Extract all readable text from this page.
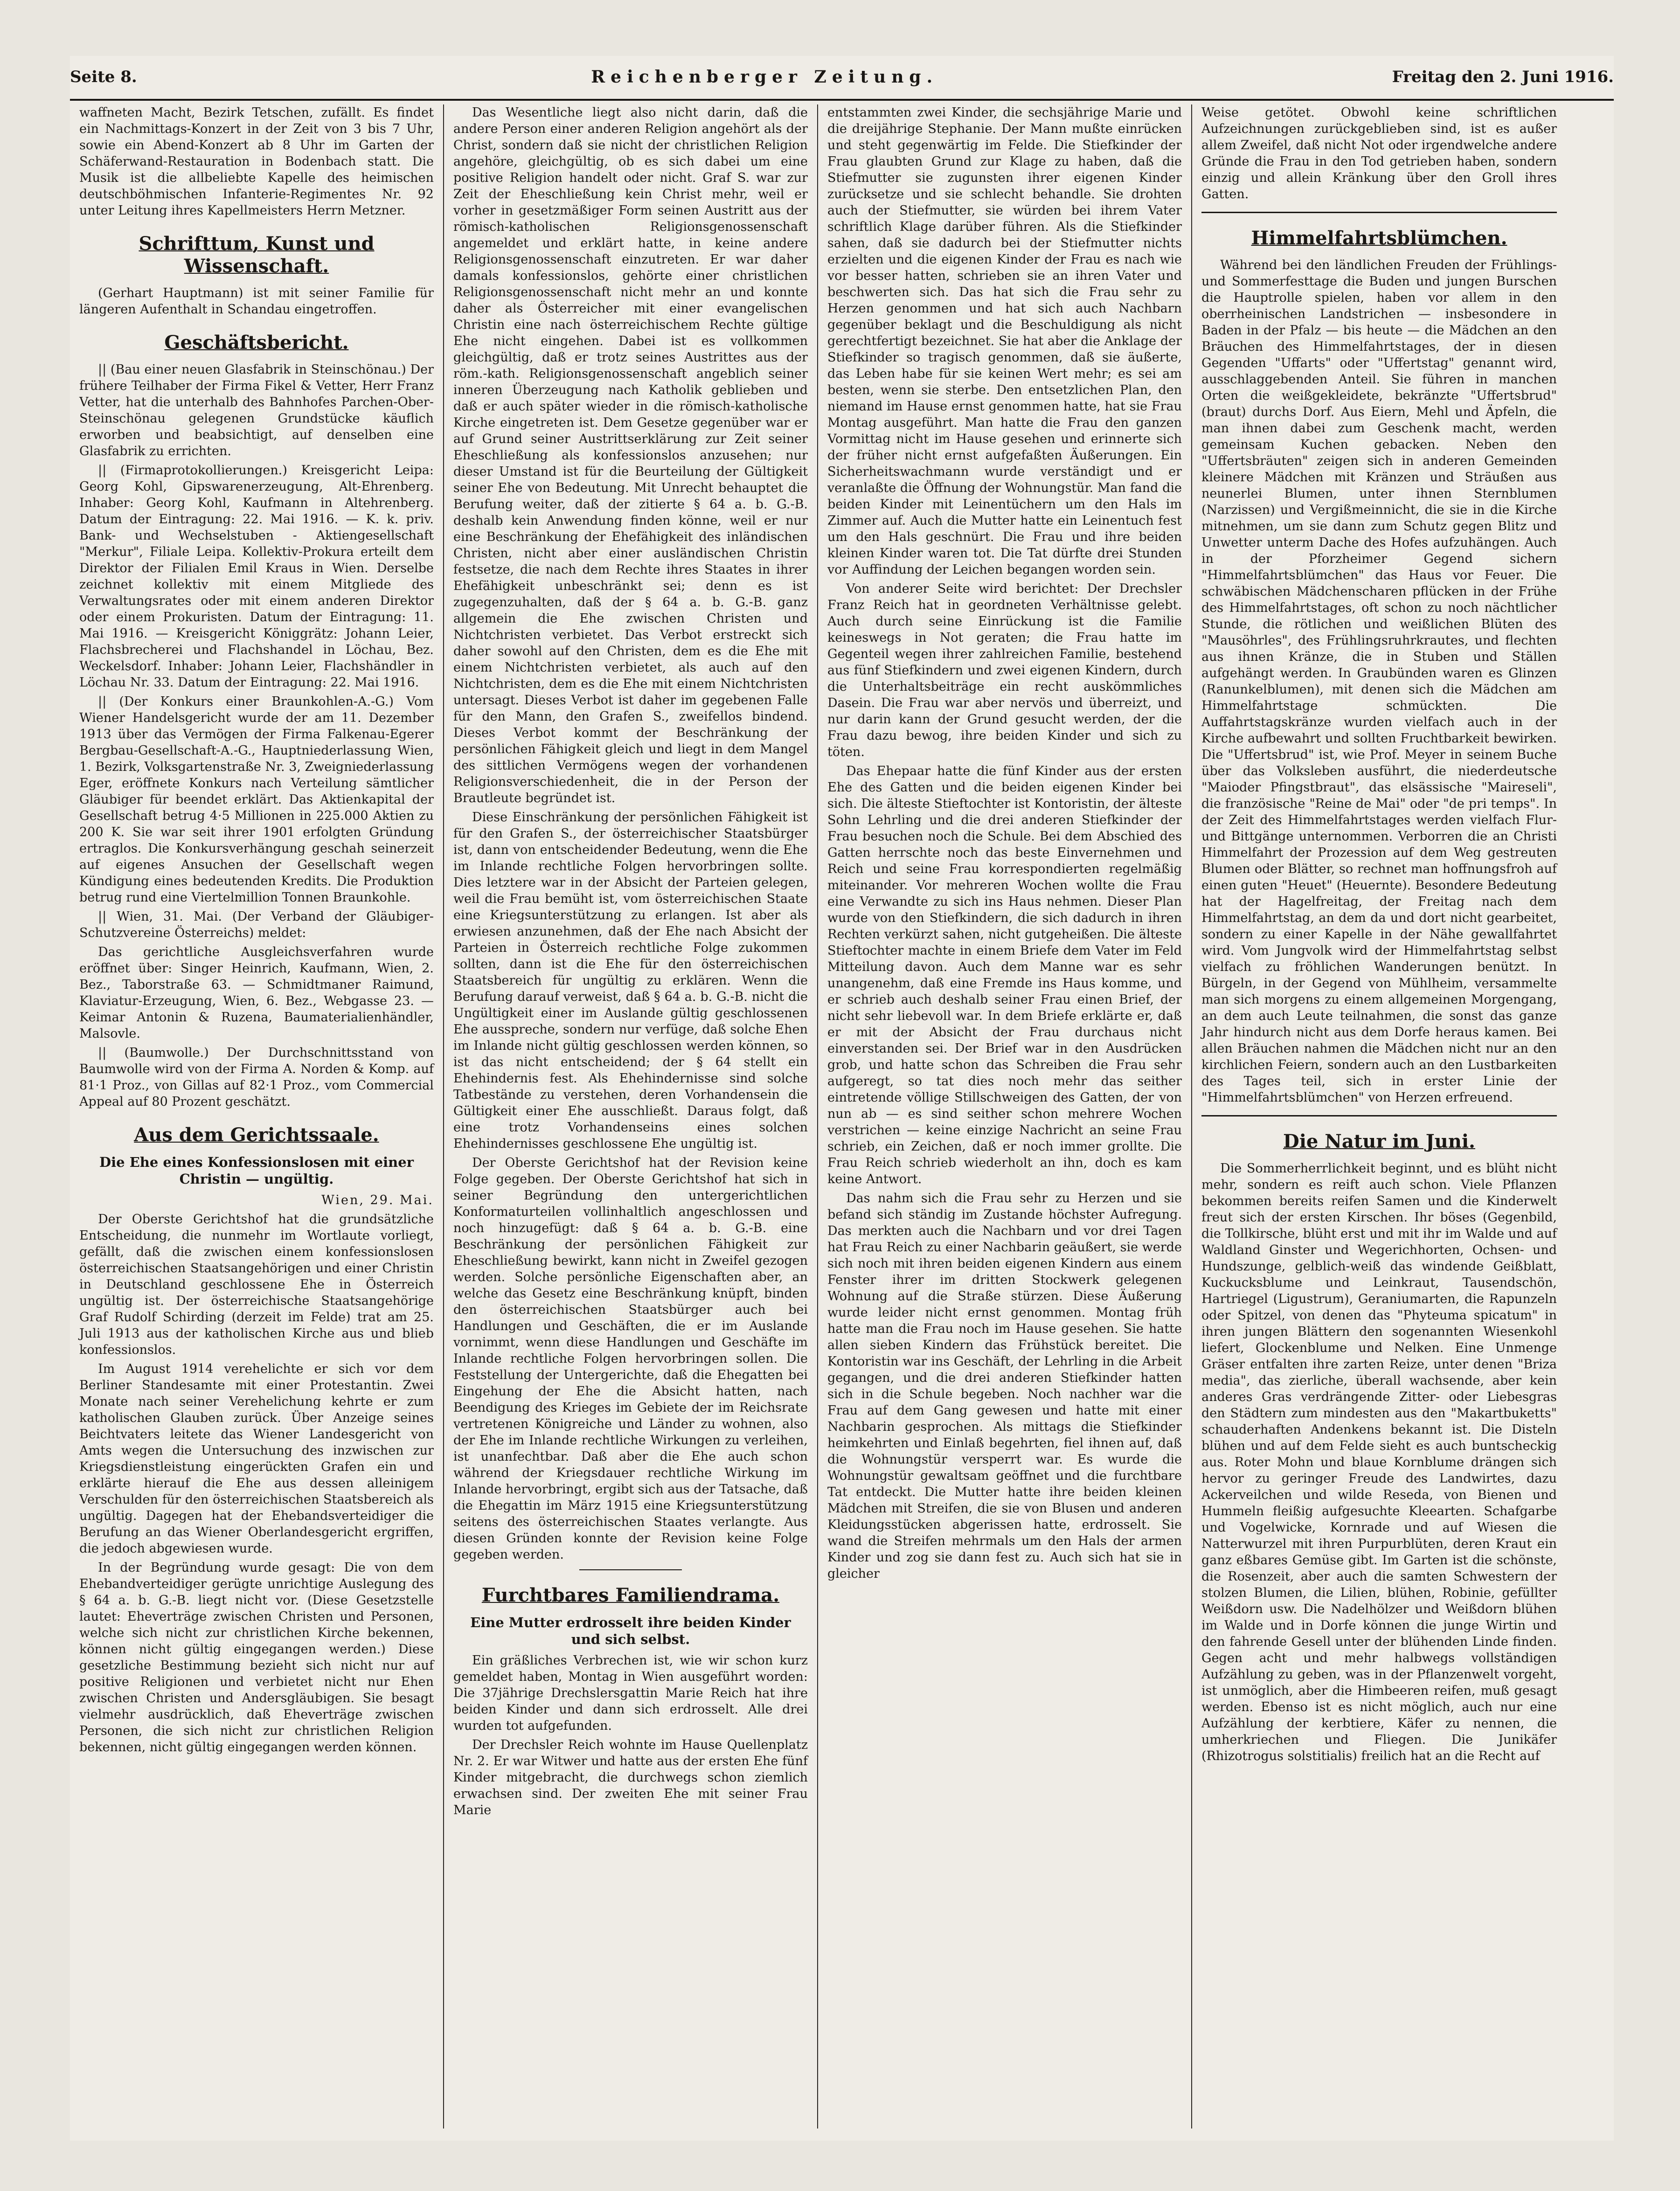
Seite 8.	Reichenberger Zeitung.	Freitag den 2. Juni 1916.

waffneten Macht, Bezirk Tetschen, zufällt. Es findet ein Nachmittags-Konzert in der Zeit von 3 bis 7 Uhr, sowie ein Abend-Konzert ab 8 Uhr im Garten der Schäferwand-Restauration in Bodenbach statt. Die Musik ist die allbeliebte Kapelle des heimischen deutschböhmischen Infanterie-Regimentes Nr. 92 unter Leitung ihres Kapellmeisters Herrn Metzner.

Schrifttum, Kunst und Wissenschaft.

(Gerhart Hauptmann) ist mit seiner Familie für längeren Aufenthalt in Schandau eingetroffen.

Geschäftsbericht.

|| (Bau einer neuen Glasfabrik in Steinschönau.) Der frühere Teilhaber der Firma Fikel & Vetter, Herr Franz Vetter, hat die unterhalb des Bahnhofes Parchen-Ober-Steinschönau gelegenen Grundstücke käuflich erworben und beabsichtigt, auf denselben eine Glasfabrik zu errichten.

|| (Firmaprotokollierungen.) Kreisgericht Leipa: Georg Kohl, Gipswarenerzeugung, Alt-Ehrenberg. Inhaber: Georg Kohl, Kaufmann in Altehrenberg. Datum der Eintragung: 22. Mai 1916. — K. k. priv. Bank- und Wechselstuben - Aktiengesellschaft "Merkur", Filiale Leipa. Kollektiv-Prokura erteilt dem Direktor der Filialen Emil Kraus in Wien. Derselbe zeichnet kollektiv mit einem Mitgliede des Verwaltungsrates oder mit einem anderen Direktor oder einem Prokuristen. Datum der Eintragung: 11. Mai 1916. — Kreisgericht Königgrätz: Johann Leier, Flachsbrecherei und Flachshandel in Löchau, Bez. Weckelsdorf. Inhaber: Johann Leier, Flachshändler in Löchau Nr. 33. Datum der Eintragung: 22. Mai 1916.

|| (Der Konkurs einer Braunkohlen-A.-G.) Vom Wiener Handelsgericht wurde der am 11. Dezember 1913 über das Vermögen der Firma Falkenau-Egerer Bergbau-Gesellschaft-A.-G., Hauptniederlassung Wien, 1. Bezirk, Volksgartenstraße Nr. 3, Zweigniederlassung Eger, eröffnete Konkurs nach Verteilung sämtlicher Gläubiger für beendet erklärt. Das Aktienkapital der Gesellschaft betrug 4·5 Millionen in 225.000 Aktien zu 200 K. Sie war seit ihrer 1901 erfolgten Gründung ertraglos. Die Konkursverhängung geschah seinerzeit auf eigenes Ansuchen der Gesellschaft wegen Kündigung eines bedeutenden Kredits. Die Produktion betrug rund eine Viertelmillion Tonnen Braunkohle.

|| Wien, 31. Mai. (Der Verband der Gläubiger-Schutzvereine Österreichs) meldet:

Das gerichtliche Ausgleichsverfahren wurde eröffnet über: Singer Heinrich, Kaufmann, Wien, 2. Bez., Taborstraße 63. — Schmidtmaner Raimund, Klaviatur-Erzeugung, Wien, 6. Bez., Webgasse 23. — Keimar Antonin & Ruzena, Baumaterialienhändler, Malsovle.

|| (Baumwolle.) Der Durchschnittsstand von Baumwolle wird von der Firma A. Norden & Komp. auf 81·1 Proz., von Gillas auf 82·1 Proz., vom Commercial Appeal auf 80 Prozent geschätzt.

Aus dem Gerichtssaale.
Die Ehe eines Konfessionslosen mit einer Christin — ungültig.
Wien, 29. Mai.

Der Oberste Gerichtshof hat die grundsätzliche Entscheidung, die nunmehr im Wortlaute vorliegt, gefällt, daß die zwischen einem konfessionslosen österreichischen Staatsangehörigen und einer Christin in Deutschland geschlossene Ehe in Österreich ungültig ist. Der österreichische Staatsangehörige Graf Rudolf Schirding (derzeit im Felde) trat am 25. Juli 1913 aus der katholischen Kirche aus und blieb konfessionslos.

Im August 1914 verehelichte er sich vor dem Berliner Standesamte mit einer Protestantin. Zwei Monate nach seiner Verehelichung kehrte er zum katholischen Glauben zurück. Über Anzeige seines Beichtvaters leitete das Wiener Landesgericht von Amts wegen die Untersuchung des inzwischen zur Kriegsdienstleistung eingerückten Grafen ein und erklärte hierauf die Ehe aus dessen alleinigem Verschulden für den österreichischen Staatsbereich als ungültig. Dagegen hat der Ehebandsverteidiger die Berufung an das Wiener Oberlandesgericht ergriffen, die jedoch abgewiesen wurde.

In der Begründung wurde gesagt: Die von dem Ehebandverteidiger gerügte unrichtige Auslegung des § 64 a. b. G.-B. liegt nicht vor. (Diese Gesetzstelle lautet: Eheverträge zwischen Christen und Personen, welche sich nicht zur christlichen Kirche bekennen, können nicht gültig eingegangen werden.) Diese gesetzliche Bestimmung bezieht sich nicht nur auf positive Religionen und verbietet nicht nur Ehen zwischen Christen und Andersgläubigen. Sie besagt vielmehr ausdrücklich, daß Eheverträge zwischen Personen, die sich nicht zur christlichen Religion bekennen, nicht gültig eingegangen werden können.

Das Wesentliche liegt also nicht darin, daß die andere Person einer anderen Religion angehört als der Christ, sondern daß sie nicht der christlichen Religion angehöre, gleichgültig, ob es sich dabei um eine positive Religion handelt oder nicht. Graf S. war zur Zeit der Eheschließung kein Christ mehr, weil er vorher in gesetzmäßiger Form seinen Austritt aus der römisch-katholischen Religionsgenossenschaft angemeldet und erklärt hatte, in keine andere Religionsgenossenschaft einzutreten. Er war daher damals konfessionslos, gehörte einer christlichen Religionsgenossenschaft nicht mehr an und konnte daher als Österreicher mit einer evangelischen Christin eine nach österreichischem Rechte gültige Ehe nicht eingehen. Dabei ist es vollkommen gleichgültig, daß er trotz seines Austrittes aus der röm.-kath. Religionsgenossenschaft angeblich seiner inneren Überzeugung nach Katholik geblieben und daß er auch später wieder in die römisch-katholische Kirche eingetreten ist. Dem Gesetze gegenüber war er auf Grund seiner Austrittserklärung zur Zeit seiner Eheschließung als konfessionslos anzusehen; nur dieser Umstand ist für die Beurteilung der Gültigkeit seiner Ehe von Bedeutung. Mit Unrecht behauptet die Berufung weiter, daß der zitierte § 64 a. b. G.-B. deshalb kein Anwendung finden könne, weil er nur eine Beschränkung der Ehefähigkeit des inländischen Christen, nicht aber einer ausländischen Christin festsetze, die nach dem Rechte ihres Staates in ihrer Ehefähigkeit unbeschränkt sei; denn es ist zugegenzuhalten, daß der § 64 a. b. G.-B. ganz allgemein die Ehe zwischen Christen und Nichtchristen verbietet. Das Verbot erstreckt sich daher sowohl auf den Christen, dem es die Ehe mit einem Nichtchristen verbietet, als auch auf den Nichtchristen, dem es die Ehe mit einem Nichtchristen untersagt. Dieses Verbot ist daher im gegebenen Falle für den Mann, den Grafen S., zweifellos bindend. Dieses Verbot kommt der Beschränkung der persönlichen Fähigkeit gleich und liegt in dem Mangel des sittlichen Vermögens wegen der vorhandenen Religionsverschiedenheit, die in der Person der Brautleute begründet ist.

Diese Einschränkung der persönlichen Fähigkeit ist für den Grafen S., der österreichischer Staatsbürger ist, dann von entscheidender Bedeutung, wenn die Ehe im Inlande rechtliche Folgen hervorbringen sollte. Dies letztere war in der Absicht der Parteien gelegen, weil die Frau bemüht ist, vom österreichischen Staate eine Kriegsunterstützung zu erlangen. Ist aber als erwiesen anzunehmen, daß der Ehe nach Absicht der Parteien in Österreich rechtliche Folge zukommen sollten, dann ist die Ehe für den österreichischen Staatsbereich für ungültig zu erklären. Wenn die Berufung darauf verweist, daß § 64 a. b. G.-B. nicht die Ungültigkeit einer im Auslande gültig geschlossenen Ehe ausspreche, sondern nur verfüge, daß solche Ehen im Inlande nicht gültig geschlossen werden können, so ist das nicht entscheidend; der § 64 stellt ein Ehehindernis fest. Als Ehehindernisse sind solche Tatbestände zu verstehen, deren Vorhandensein die Gültigkeit einer Ehe ausschließt. Daraus folgt, daß eine trotz Vorhandenseins eines solchen Ehehindernisses geschlossene Ehe ungültig ist.

Der Oberste Gerichtshof hat der Revision keine Folge gegeben. Der Oberste Gerichtshof hat sich in seiner Begründung den untergerichtlichen Konformaturteilen vollinhaltlich angeschlossen und noch hinzugefügt: daß § 64 a. b. G.-B. eine Beschränkung der persönlichen Fähigkeit zur Eheschließung bewirkt, kann nicht in Zweifel gezogen werden. Solche persönliche Eigenschaften aber, an welche das Gesetz eine Beschränkung knüpft, binden den österreichischen Staatsbürger auch bei Handlungen und Geschäften, die er im Auslande vornimmt, wenn diese Handlungen und Geschäfte im Inlande rechtliche Folgen hervorbringen sollen. Die Feststellung der Untergerichte, daß die Ehegatten bei Eingehung der Ehe die Absicht hatten, nach Beendigung des Krieges im Gebiete der im Reichsrate vertretenen Königreiche und Länder zu wohnen, also der Ehe im Inlande rechtliche Wirkungen zu verleihen, ist unanfechtbar. Daß aber die Ehe auch schon während der Kriegsdauer rechtliche Wirkung im Inlande hervorbringt, ergibt sich aus der Tatsache, daß die Ehegattin im März 1915 eine Kriegsunterstützung seitens des österreichischen Staates verlangte. Aus diesen Gründen konnte der Revision keine Folge gegeben werden.

Furchtbares Familiendrama.
Eine Mutter erdrosselt ihre beiden Kinder und sich selbst.

Ein gräßliches Verbrechen ist, wie wir schon kurz gemeldet haben, Montag in Wien ausgeführt worden: Die 37jährige Drechslersgattin Marie Reich hat ihre beiden Kinder und dann sich erdrosselt. Alle drei wurden tot aufgefunden.

Der Drechsler Reich wohnte im Hause Quellenplatz Nr. 2. Er war Witwer und hatte aus der ersten Ehe fünf Kinder mitgebracht, die durchwegs schon ziemlich erwachsen sind. Der zweiten Ehe mit seiner Frau Marie

entstammten zwei Kinder, die sechsjährige Marie und die dreijährige Stephanie. Der Mann mußte einrücken und steht gegenwärtig im Felde. Die Stiefkinder der Frau glaubten Grund zur Klage zu haben, daß die Stiefmutter sie zugunsten ihrer eigenen Kinder zurücksetze und sie schlecht behandle. Sie drohten auch der Stiefmutter, sie würden bei ihrem Vater schriftlich Klage darüber führen. Als die Stiefkinder sahen, daß sie dadurch bei der Stiefmutter nichts erzielten und die eigenen Kinder der Frau es nach wie vor besser hatten, schrieben sie an ihren Vater und beschwerten sich. Das hat sich die Frau sehr zu Herzen genommen und hat sich auch Nachbarn gegenüber beklagt und die Beschuldigung als nicht gerechtfertigt bezeichnet. Sie hat aber die Anklage der Stiefkinder so tragisch genommen, daß sie äußerte, das Leben habe für sie keinen Wert mehr; es sei am besten, wenn sie sterbe. Den entsetzlichen Plan, den niemand im Hause ernst genommen hatte, hat sie Frau Montag ausgeführt. Man hatte die Frau den ganzen Vormittag nicht im Hause gesehen und erinnerte sich der früher nicht ernst aufgefaßten Äußerungen. Ein Sicherheitswachmann wurde verständigt und er veranlaßte die Öffnung der Wohnungstür. Man fand die beiden Kinder mit Leinentüchern um den Hals im Zimmer auf. Auch die Mutter hatte ein Leinentuch fest um den Hals geschnürt. Die Frau und ihre beiden kleinen Kinder waren tot. Die Tat dürfte drei Stunden vor Auffindung der Leichen begangen worden sein.

Von anderer Seite wird berichtet: Der Drechsler Franz Reich hat in geordneten Verhältnisse gelebt. Auch durch seine Einrückung ist die Familie keineswegs in Not geraten; die Frau hatte im Gegenteil wegen ihrer zahlreichen Familie, bestehend aus fünf Stiefkindern und zwei eigenen Kindern, durch die Unterhaltsbeiträge ein recht auskömmliches Dasein. Die Frau war aber nervös und überreizt, und nur darin kann der Grund gesucht werden, der die Frau dazu bewog, ihre beiden Kinder und sich zu töten.

Das Ehepaar hatte die fünf Kinder aus der ersten Ehe des Gatten und die beiden eigenen Kinder bei sich. Die älteste Stieftochter ist Kontoristin, der älteste Sohn Lehrling und die drei anderen Stiefkinder der Frau besuchen noch die Schule. Bei dem Abschied des Gatten herrschte noch das beste Einvernehmen und Reich und seine Frau korrespondierten regelmäßig miteinander. Vor mehreren Wochen wollte die Frau eine Verwandte zu sich ins Haus nehmen. Dieser Plan wurde von den Stiefkindern, die sich dadurch in ihren Rechten verkürzt sahen, nicht gutgeheißen. Die älteste Stieftochter machte in einem Briefe dem Vater im Feld Mitteilung davon. Auch dem Manne war es sehr unangenehm, daß eine Fremde ins Haus komme, und er schrieb auch deshalb seiner Frau einen Brief, der nicht sehr liebevoll war. In dem Briefe erklärte er, daß er mit der Absicht der Frau durchaus nicht einverstanden sei. Der Brief war in den Ausdrücken grob, und hatte schon das Schreiben die Frau sehr aufgeregt, so tat dies noch mehr das seither eintretende völlige Stillschweigen des Gatten, der von nun ab — es sind seither schon mehrere Wochen verstrichen — keine einzige Nachricht an seine Frau schrieb, ein Zeichen, daß er noch immer grollte. Die Frau Reich schrieb wiederholt an ihn, doch es kam keine Antwort.

Das nahm sich die Frau sehr zu Herzen und sie befand sich ständig im Zustande höchster Aufregung. Das merkten auch die Nachbarn und vor drei Tagen hat Frau Reich zu einer Nachbarin geäußert, sie werde sich noch mit ihren beiden eigenen Kindern aus einem Fenster ihrer im dritten Stockwerk gelegenen Wohnung auf die Straße stürzen. Diese Äußerung wurde leider nicht ernst genommen. Montag früh hatte man die Frau noch im Hause gesehen. Sie hatte allen sieben Kindern das Frühstück bereitet. Die Kontoristin war ins Geschäft, der Lehrling in die Arbeit gegangen, und die drei anderen Stiefkinder hatten sich in die Schule begeben. Noch nachher war die Frau auf dem Gang gewesen und hatte mit einer Nachbarin gesprochen. Als mittags die Stiefkinder heimkehrten und Einlaß begehrten, fiel ihnen auf, daß die Wohnungstür versperrt war. Es wurde die Wohnungstür gewaltsam geöffnet und die furchtbare Tat entdeckt. Die Mutter hatte ihre beiden kleinen Mädchen mit Streifen, die sie von Blusen und anderen Kleidungsstücken abgerissen hatte, erdrosselt. Sie wand die Streifen mehrmals um den Hals der armen Kinder und zog sie dann fest zu. Auch sich hat sie in gleicher

Weise getötet. Obwohl keine schriftlichen Aufzeichnungen zurückgeblieben sind, ist es außer allem Zweifel, daß nicht Not oder irgendwelche andere Gründe die Frau in den Tod getrieben haben, sondern einzig und allein Kränkung über den Groll ihres Gatten.

Himmelfahrtsblümchen.

Während bei den ländlichen Freuden der Frühlings- und Sommerfesttage die Buden und jungen Burschen die Hauptrolle spielen, haben vor allem in den oberrheinischen Landstrichen — insbesondere in Baden in der Pfalz — bis heute — die Mädchen an den Bräuchen des Himmelfahrtstages, der in diesen Gegenden "Uffarts" oder "Uffertstag" genannt wird, ausschlaggebenden Anteil. Sie führen in manchen Orten die weißgekleidete, bekränzte "Uffertsbrud" (braut) durchs Dorf. Aus Eiern, Mehl und Äpfeln, die man ihnen dabei zum Geschenk macht, werden gemeinsam Kuchen gebacken. Neben den "Uffertsbräuten" zeigen sich in anderen Gemeinden kleinere Mädchen mit Kränzen und Sträußen aus neunerlei Blumen, unter ihnen Sternblumen (Narzissen) und Vergißmeinnicht, die sie in die Kirche mitnehmen, um sie dann zum Schutz gegen Blitz und Unwetter unterm Dache des Hofes aufzuhängen. Auch in der Pforzheimer Gegend sichern "Himmelfahrtsblümchen" das Haus vor Feuer. Die schwäbischen Mädchenscharen pflücken in der Frühe des Himmelfahrtstages, oft schon zu noch nächtlicher Stunde, die rötlichen und weißlichen Blüten des "Mausöhrles", des Frühlingsruhrkrautes, und flechten aus ihnen Kränze, die in Stuben und Ställen aufgehängt werden. In Graubünden waren es Glinzen (Ranunkelblumen), mit denen sich die Mädchen am Himmelfahrtstage schmückten. Die Auffahrtstagskränze wurden vielfach auch in der Kirche aufbewahrt und sollten Fruchtbarkeit bewirken. Die "Uffertsbrud" ist, wie Prof. Meyer in seinem Buche über das Volksleben ausführt, die niederdeutsche "Maioder Pfingstbraut", das elsässische "Maireseli", die französische "Reine de Mai" oder "de pri temps". In der Zeit des Himmelfahrtstages werden vielfach Flur- und Bittgänge unternommen. Verborren die an Christi Himmelfahrt der Prozession auf dem Weg gestreuten Blumen oder Blätter, so rechnet man hoffnungsfroh auf einen guten "Heuet" (Heuernte). Besondere Bedeutung hat der Hagelfreitag, der Freitag nach dem Himmelfahrtstag, an dem da und dort nicht gearbeitet, sondern zu einer Kapelle in der Nähe gewallfahrtet wird. Vom Jungvolk wird der Himmelfahrtstag selbst vielfach zu fröhlichen Wanderungen benützt. In Bürgeln, in der Gegend von Mühlheim, versammelte man sich morgens zu einem allgemeinen Morgengang, an dem auch Leute teilnahmen, die sonst das ganze Jahr hindurch nicht aus dem Dorfe heraus kamen. Bei allen Bräuchen nahmen die Mädchen nicht nur an den kirchlichen Feiern, sondern auch an den Lustbarkeiten des Tages teil, sich in erster Linie der "Himmelfahrtsblümchen" von Herzen erfreuend.

Die Natur im Juni.

Die Sommerherrlichkeit beginnt, und es blüht nicht mehr, sondern es reift auch schon. Viele Pflanzen bekommen bereits reifen Samen und die Kinderwelt freut sich der ersten Kirschen. Ihr böses (Gegenbild, die Tollkirsche, blüht erst und mit ihr im Walde und auf Waldland Ginster und Wegerichhorten, Ochsen- und Hundszunge, gelblich-weiß das windende Geißblatt, Kuckucksblume und Leinkraut, Tausendschön, Hartriegel (Ligustrum), Geraniumarten, die Rapunzeln oder Spitzel, von denen das "Phyteuma spicatum" in ihren jungen Blättern den sogenannten Wiesenkohl liefert, Glockenblume und Nelken. Eine Unmenge Gräser entfalten ihre zarten Reize, unter denen "Briza media", das zierliche, überall wachsende, aber kein anderes Gras verdrängende Zitter- oder Liebesgras den Städtern zum mindesten aus den "Makartbuketts" schauderhaften Andenkens bekannt ist. Die Disteln blühen und auf dem Felde sieht es auch buntscheckig aus. Roter Mohn und blaue Kornblume drängen sich hervor zu geringer Freude des Landwirtes, dazu Ackerveilchen und wilde Reseda, von Bienen und Hummeln fleißig aufgesuchte Kleearten. Schafgarbe und Vogelwicke, Kornrade und auf Wiesen die Natterwurzel mit ihren Purpurblüten, deren Kraut ein ganz eßbares Gemüse gibt. Im Garten ist die schönste, die Rosenzeit, aber auch die samten Schwestern der stolzen Blumen, die Lilien, blühen, Robinie, gefüllter Weißdorn usw. Die Nadelhölzer und Weißdorn blühen im Walde und in Dorfe können die junge Wirtin und den fahrende Gesell unter der blühenden Linde finden. Gegen acht und mehr halbwegs vollständigen Aufzählung zu geben, was in der Pflanzenwelt vorgeht, ist unmöglich, aber die Himbeeren reifen, muß gesagt werden. Ebenso ist es nicht möglich, auch nur eine Aufzählung der kerbtiere, Käfer zu nennen, die umherkriechen und Fliegen. Die Junikäfer (Rhizotrogus solstitialis) freilich hat an die Recht auf
